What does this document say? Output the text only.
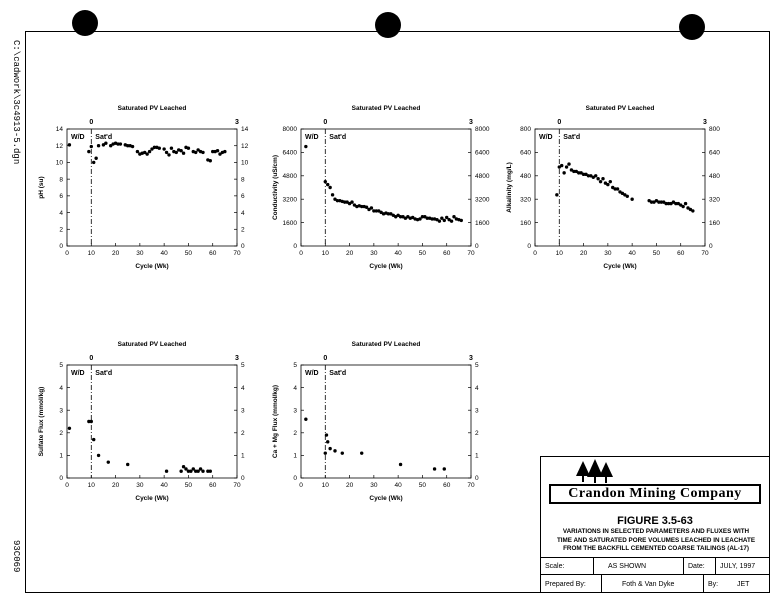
C:\cadwork\3c4913-5.dgn
93C069
Saturated PV Leached
0	3
W/D Sat'd
0	10	20	30	40	50	60	70
0	0
2	2
4	4
6	6
8	8
10	10
12	12
14	14
Cycle (Wk)
pH (su)
Saturated PV Leached
0	3
W/D Sat'd
0	10	20	30	40	50	60	70
0	0
1600	1600
3200	3200
4800	4800
6400	6400
8000	8000
Cycle (Wk)
Conductivity (uS/cm)
Saturated PV Leached
0	3
W/D Sat'd
0	10	20	30	40	50	60	70
0	0
160	160
320	320
480	480
640	640
800	800
Cycle (Wk)
Alkalinity (mg/L)
Saturated PV Leached
0	3
W/D Sat'd
0	10	20	30	40	50	60	70
0	0
1	1
2	2
3	3
4	4
5	5
Cycle (Wk)
Sulfate Flux (mmol/kg)
Saturated PV Leached
0	3
W/D Sat'd
0	10	20	30	40	50	60	70
0	0
1	1
2	2
3	3
4	4
5	5
Cycle (Wk)
Ca + Mg Flux (mmol/kg)
Crandon Mining Company
FIGURE 3.5-63
VARIATIONS IN SELECTED PARAMETERS AND FLUXES WITH
TIME AND SATURATED PORE VOLUMES LEACHED IN LEACHATE
FROM THE BACKFILL CEMENTED COARSE TAILINGS (AL-17)
Scale:	AS SHOWN	Date:	JULY, 1997
Prepared By:	Foth & Van Dyke	By:	JET
